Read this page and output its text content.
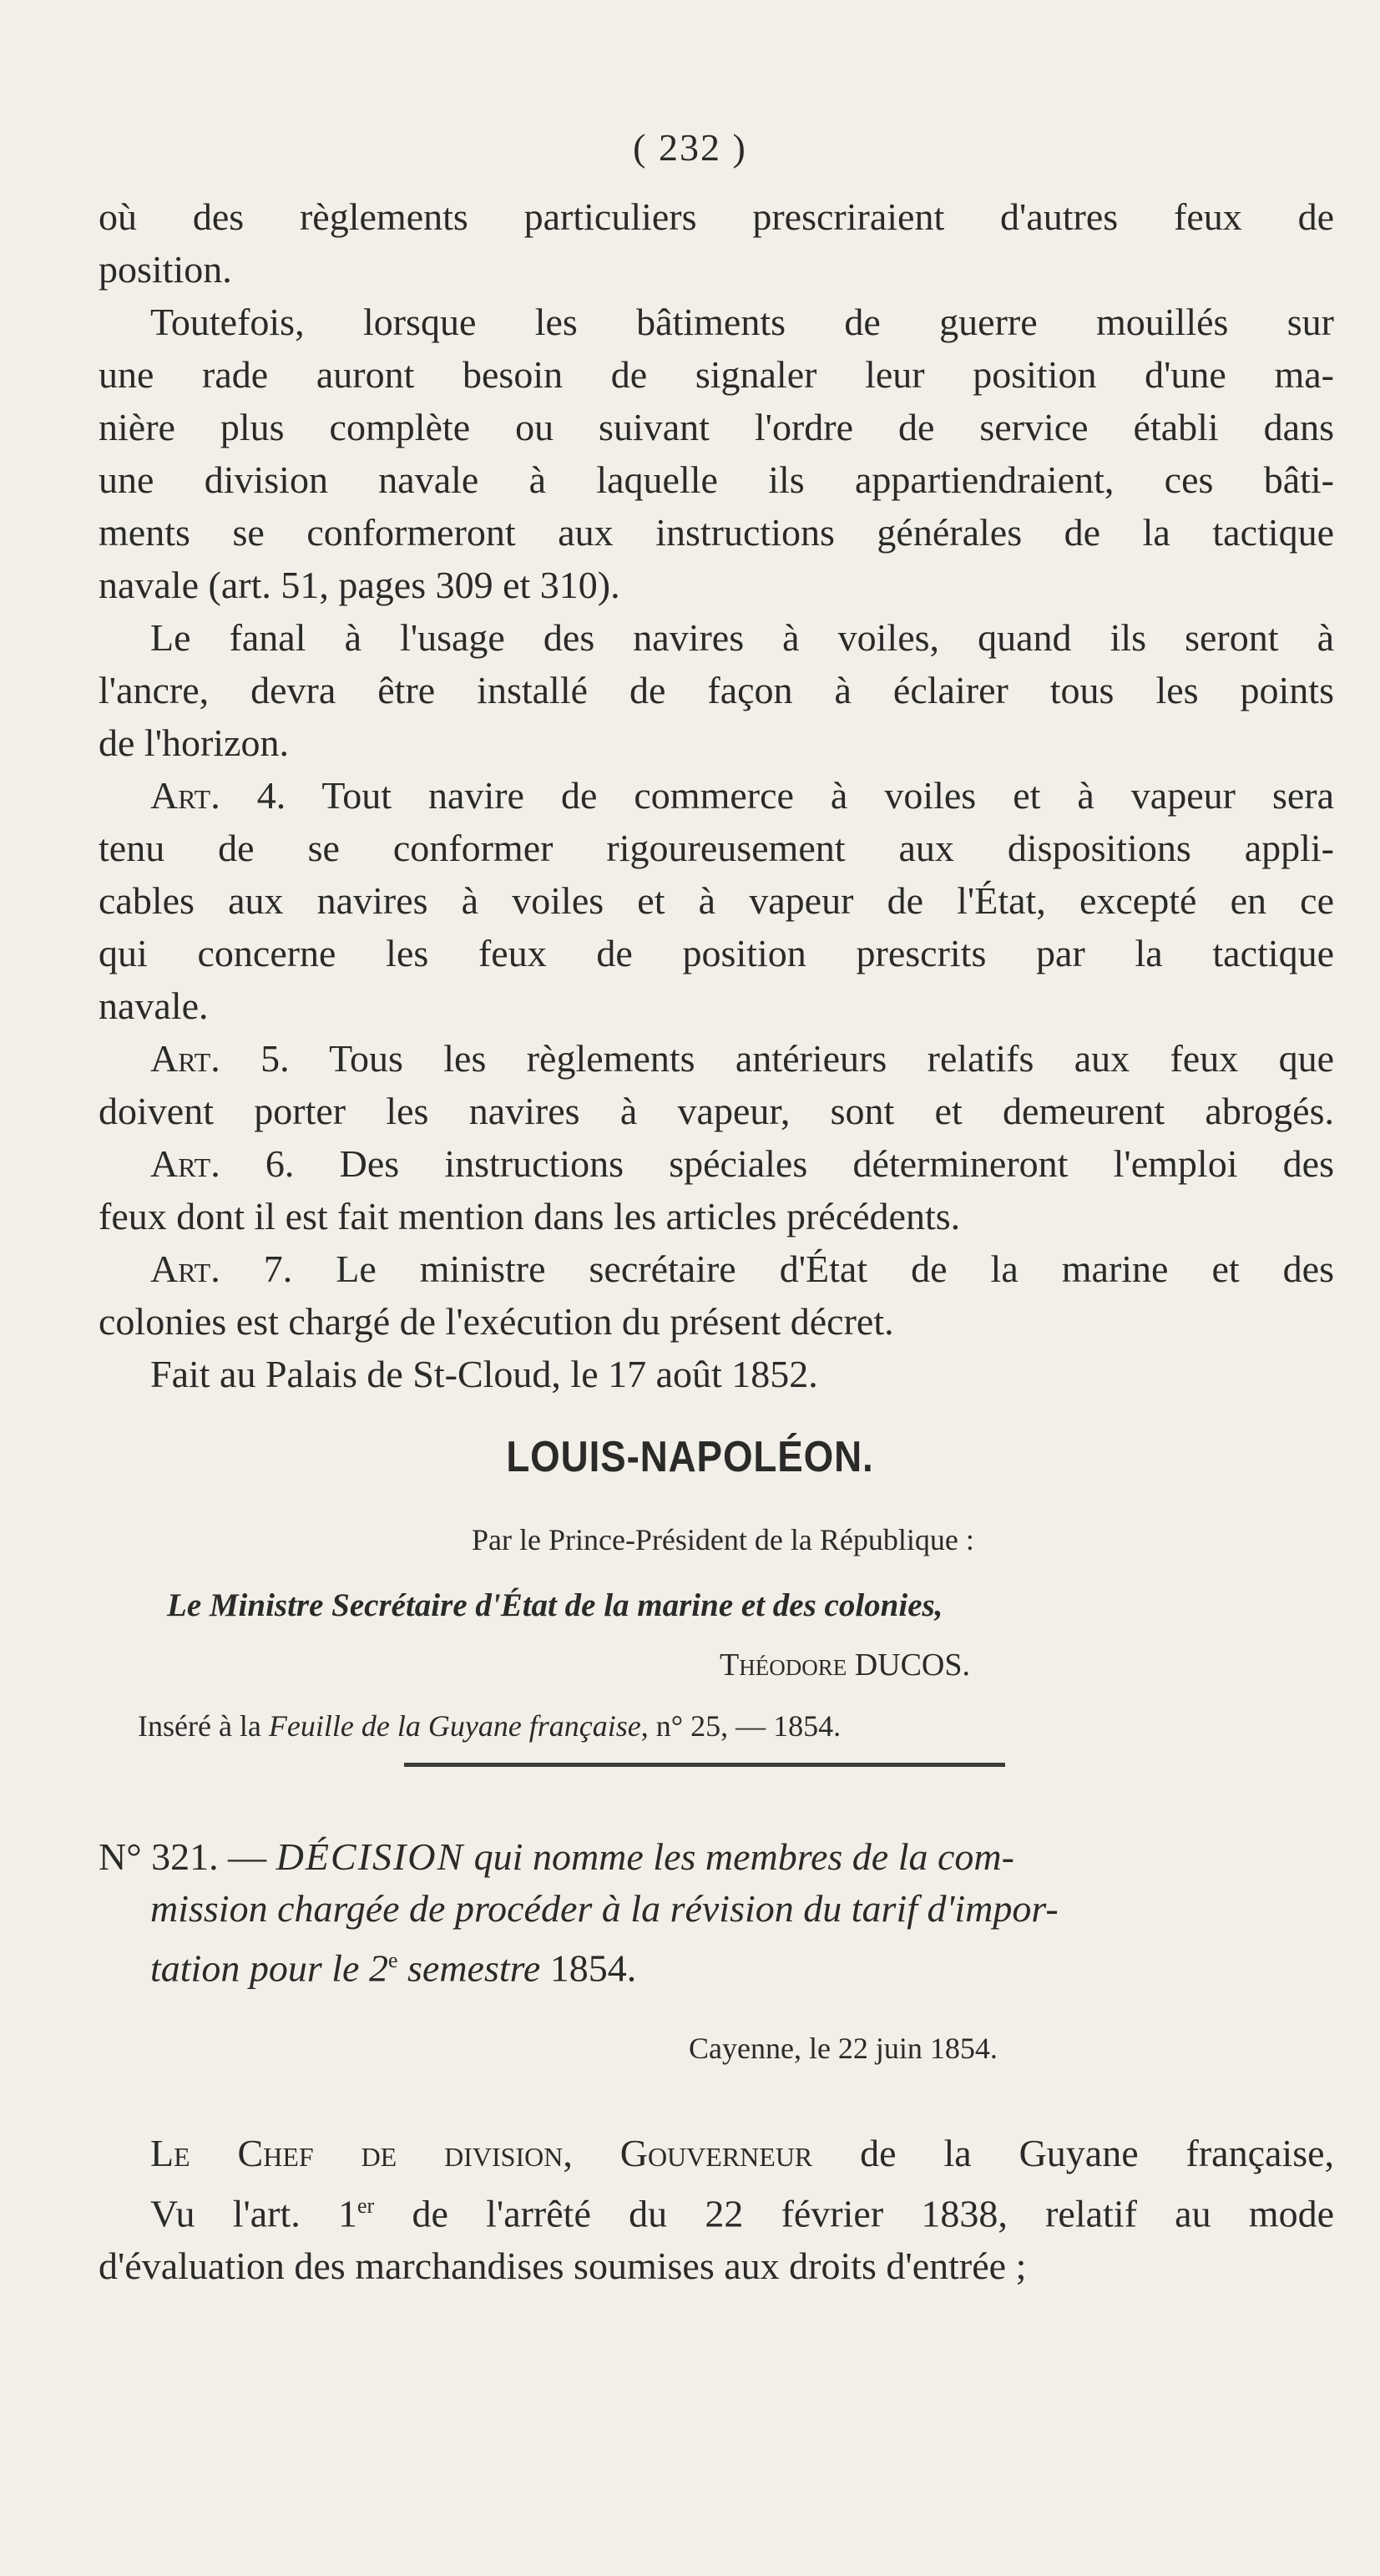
( 232 )
où des règlements particuliers prescriraient d'autres feux de
position.
Toutefois, lorsque les bâtiments de guerre mouillés sur
une rade auront besoin de signaler leur position d'une ma-
nière plus complète ou suivant l'ordre de service établi dans
une division navale à laquelle ils appartiendraient, ces bâti-
ments se conformeront aux instructions générales de la tactique
navale (art. 51, pages 309 et 310).
Le fanal à l'usage des navires à voiles, quand ils seront à
l'ancre, devra être installé de façon à éclairer tous les points
de l'horizon.
Art. 4. Tout navire de commerce à voiles et à vapeur sera
tenu de se conformer rigoureusement aux dispositions appli-
cables aux navires à voiles et à vapeur de l'État, excepté en ce
qui concerne les feux de position prescrits par la tactique
navale.
Art. 5. Tous les règlements antérieurs relatifs aux feux que
doivent porter les navires à vapeur, sont et demeurent abrogés.
Art. 6. Des instructions spéciales détermineront l'emploi des
feux dont il est fait mention dans les articles précédents.
Art. 7. Le ministre secrétaire d'État de la marine et des
colonies est chargé de l'exécution du présent décret.
Fait au Palais de St-Cloud, le 17 août 1852.
LOUIS-NAPOLÉON.
Par le Prince-Président de la République :
Le Ministre Secrétaire d'État de la marine et des colonies,
Théodore DUCOS.
Inséré à la Feuille de la Guyane française, n° 25, — 1854.
N° 321. — DÉCISION qui nomme les membres de la com-
mission chargée de procéder à la révision du tarif d'impor-
tation pour le 2e semestre 1854.
Cayenne, le 22 juin 1854.
Le Chef de division, Gouverneur de la Guyane française,
Vu l'art. 1er de l'arrêté du 22 février 1838, relatif au mode
d'évaluation des marchandises soumises aux droits d'entrée ;
